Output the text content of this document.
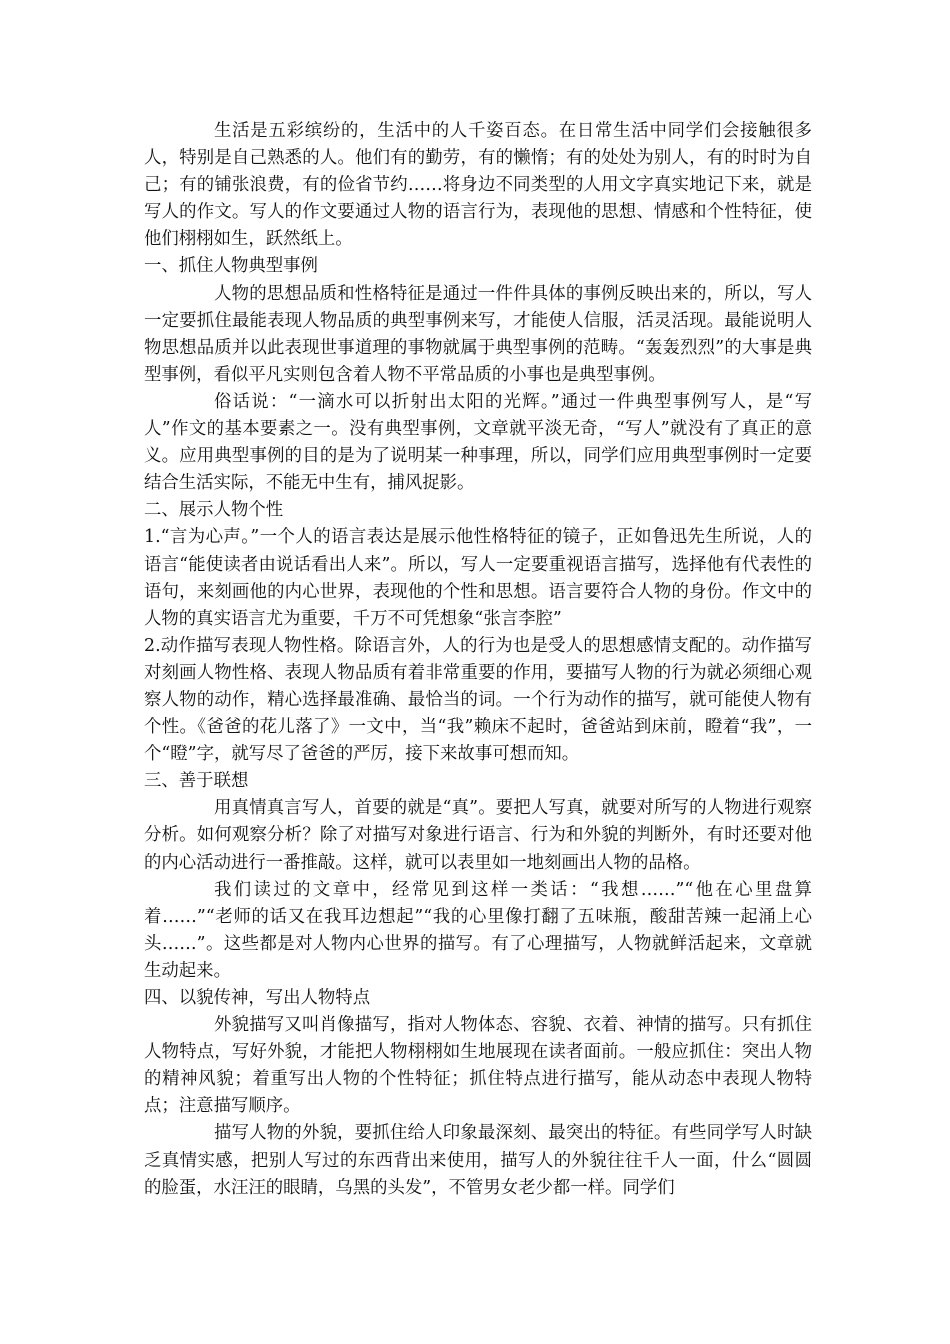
生活是五彩缤纷的，生活中的人千姿百态。在日常生活中同学们会接触很多人，特别是自己熟悉的人。他们有的勤劳，有的懒惰；有的处处为别人，有的时时为自己；有的铺张浪费，有的俭省节约……将身边不同类型的人用文字真实地记下来，就是写人的作文。写人的作文要通过人物的语言行为，表现他的思想、情感和个性特征，使他们栩栩如生，跃然纸上。

一、抓住人物典型事例

人物的思想品质和性格特征是通过一件件具体的事例反映出来的，所以，写人一定要抓住最能表现人物品质的典型事例来写，才能使人信服，活灵活现。最能说明人物思想品质并以此表现世事道理的事物就属于典型事例的范畴。“轰轰烈烈”的大事是典型事例，看似平凡实则包含着人物不平常品质的小事也是典型事例。

俗话说：“一滴水可以折射出太阳的光辉。”通过一件典型事例写人，是“写人”作文的基本要素之一。没有典型事例，文章就平淡无奇，“写人”就没有了真正的意义。应用典型事例的目的是为了说明某一种事理，所以，同学们应用典型事例时一定要结合生活实际，不能无中生有，捕风捉影。

二、展示人物个性

1.“言为心声。”一个人的语言表达是展示他性格特征的镜子，正如鲁迅先生所说，人的语言“能使读者由说话看出人来”。所以，写人一定要重视语言描写，选择他有代表性的语句，来刻画他的内心世界，表现他的个性和思想。语言要符合人物的身份。作文中的人物的真实语言尤为重要，千万不可凭想象“张言李腔”

2.动作描写表现人物性格。除语言外，人的行为也是受人的思想感情支配的。动作描写对刻画人物性格、表现人物品质有着非常重要的作用，要描写人物的行为就必须细心观察人物的动作，精心选择最准确、最恰当的词。一个行为动作的描写，就可能使人物有个性。《爸爸的花儿落了》一文中，当“我”赖床不起时，爸爸站到床前，瞪着“我”，一个“瞪”字，就写尽了爸爸的严厉，接下来故事可想而知。

三、善于联想

用真情真言写人，首要的就是“真”。要把人写真，就要对所写的人物进行观察分析。如何观察分析？除了对描写对象进行语言、行为和外貌的判断外，有时还要对他的内心活动进行一番推敲。这样，就可以表里如一地刻画出人物的品格。

我们读过的文章中，经常见到这样一类话：“我想……”“他在心里盘算着……”“老师的话又在我耳边想起”“我的心里像打翻了五味瓶，酸甜苦辣一起涌上心头……”。这些都是对人物内心世界的描写。有了心理描写，人物就鲜活起来，文章就生动起来。

四、以貌传神，写出人物特点

外貌描写又叫肖像描写，指对人物体态、容貌、衣着、神情的描写。只有抓住人物特点，写好外貌，才能把人物栩栩如生地展现在读者面前。一般应抓住：突出人物的精神风貌；着重写出人物的个性特征；抓住特点进行描写，能从动态中表现人物特点；注意描写顺序。

描写人物的外貌，要抓住给人印象最深刻、最突出的特征。有些同学写人时缺乏真情实感，把别人写过的东西背出来使用，描写人的外貌往往千人一面，什么“圆圆的脸蛋，水汪汪的眼睛，乌黑的头发”，不管男女老少都一样。同学们
